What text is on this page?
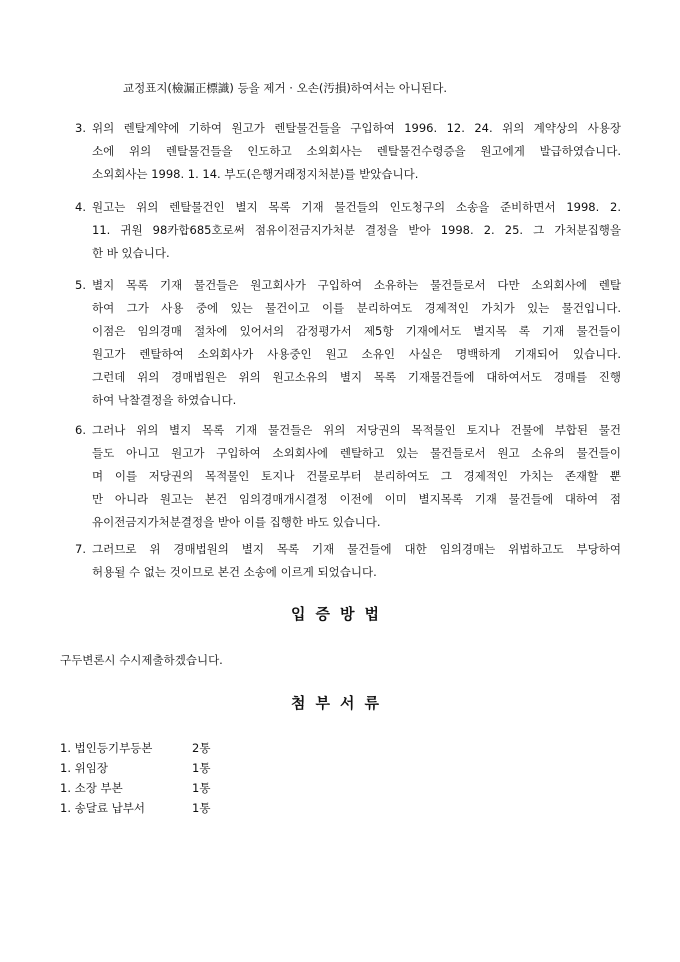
교정표지(檢漏正標識) 등을 제거 · 오손(汚損)하여서는 아니된다.
3. 위의 렌탈계약에 기하여 원고가 렌탈물건들을 구입하여 1996. 12. 24. 위의 계약상의 사용장
소에 위의 렌탈물건들을 인도하고 소외회사는 렌탈물건수령증을 원고에게 발급하였습니다.
소외회사는 1998. 1. 14. 부도(은행거래정지처분)를 받았습니다.
4. 원고는 위의 렌탈물건인 별지 목록 기재 물건들의 인도청구의 소송을 준비하면서 1998. 2.
11. 귀원 98카합685호로써 점유이전금지가처분 결정을 받아 1998. 2. 25. 그 가처분집행을
한 바 있습니다.
5. 별지 목록 기재 물건들은 원고회사가 구입하여 소유하는 물건들로서 다만 소외회사에 렌탈
하여 그가 사용 중에 있는 물건이고 이를 분리하여도 경제적인 가치가 있는 물건입니다.
이점은 임의경매 절차에 있어서의 감정평가서 제5항 기재에서도 별지목 록 기재 물건들이
원고가 렌탈하여 소외회사가 사용중인 원고 소유인 사실은 명백하게 기재되어 있습니다.
그런데 위의 경매법원은 위의 원고소유의 별지 목록 기재물건들에 대하여서도 경매를 진행
하여 낙찰결정을 하였습니다.
6. 그러나 위의 별지 목록 기재 물건들은 위의 저당권의 목적물인 토지나 건물에 부합된 물건
들도 아니고 원고가 구입하여 소외회사에 렌탈하고 있는 물건들로서 원고 소유의 물건들이
며 이를 저당권의 목적물인 토지나 건물로부터 분리하여도 그 경제적인 가치는 존재할 뿐
만 아니라 원고는 본건 임의경매개시결정 이전에 이미 별지목록 기재 물건들에 대하여 점
유이전금지가처분결정을 받아 이를 집행한 바도 있습니다.
7. 그러므로 위 경매법원의 별지 목록 기재 물건들에 대한 임의경매는 위법하고도 부당하여
허용될 수 없는 것이므로 본건 소송에 이르게 되었습니다.
입증방법
구두변론시 수시제출하겠습니다.
첨부서류
1. 법인등기부등본	2통
1. 위임장	1통
1. 소장 부본	1통
1. 송달료 납부서	1통
